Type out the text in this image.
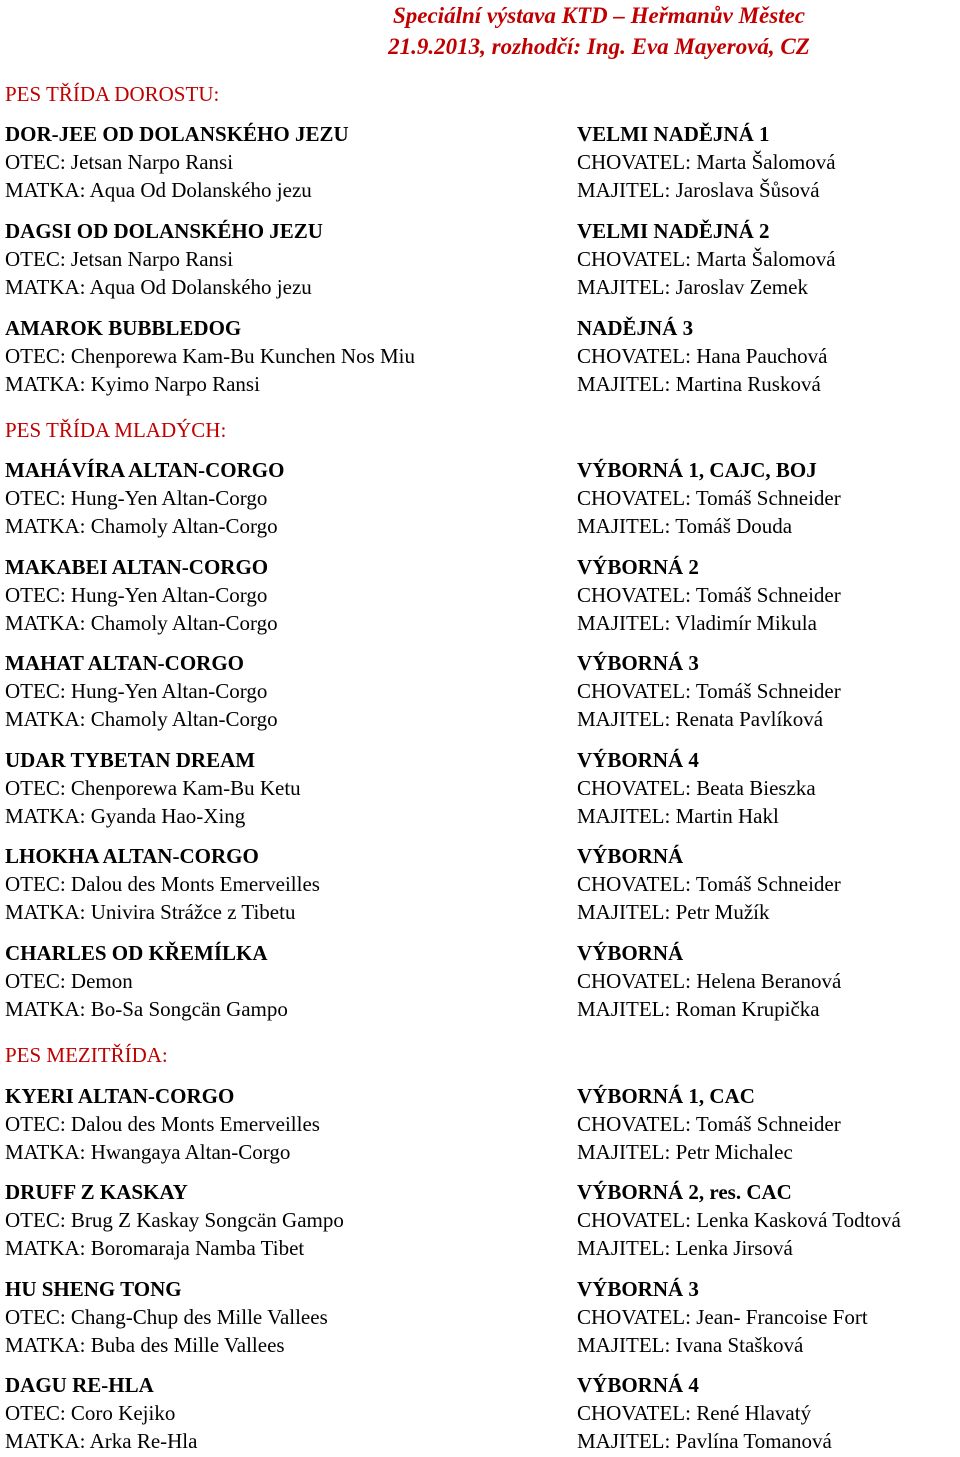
Speciální výstava KTD – Heřmanův Městec
21.9.2013, rozhodčí: Ing. Eva Mayerová, CZ
PES TŘÍDA DOROSTU:
DOR-JEE OD DOLANSKÉHO JEZU	VELMI NADĚJNÁ 1
OTEC: Jetsan Narpo Ransi	CHOVATEL: Marta Šalomová
MATKA: Aqua Od Dolanského jezu	MAJITEL: Jaroslava Šůsová
DAGSI OD DOLANSKÉHO JEZU	VELMI NADĚJNÁ 2
OTEC: Jetsan Narpo Ransi	CHOVATEL: Marta Šalomová
MATKA: Aqua Od Dolanského jezu	MAJITEL: Jaroslav Zemek
AMAROK BUBBLEDOG	NADĚJNÁ 3
OTEC: Chenporewa Kam-Bu Kunchen Nos Miu	CHOVATEL: Hana Pauchová
MATKA: Kyimo Narpo Ransi	MAJITEL: Martina Rusková
PES TŘÍDA MLADÝCH:
MAHÁVÍRA ALTAN-CORGO	VÝBORNÁ 1, CAJC, BOJ
OTEC: Hung-Yen Altan-Corgo	CHOVATEL: Tomáš Schneider
MATKA: Chamoly Altan-Corgo	MAJITEL: Tomáš Douda
MAKABEI ALTAN-CORGO	VÝBORNÁ 2
OTEC: Hung-Yen Altan-Corgo	CHOVATEL: Tomáš Schneider
MATKA: Chamoly Altan-Corgo	MAJITEL: Vladimír Mikula
MAHAT ALTAN-CORGO	VÝBORNÁ 3
OTEC: Hung-Yen Altan-Corgo	CHOVATEL: Tomáš Schneider
MATKA: Chamoly Altan-Corgo	MAJITEL: Renata Pavlíková
UDAR TYBETAN DREAM	VÝBORNÁ 4
OTEC: Chenporewa Kam-Bu Ketu	CHOVATEL: Beata Bieszka
MATKA: Gyanda Hao-Xing	MAJITEL: Martin Hakl
LHOKHA ALTAN-CORGO	VÝBORNÁ
OTEC: Dalou des Monts Emerveilles	CHOVATEL: Tomáš Schneider
MATKA: Univira Strážce z Tibetu	MAJITEL: Petr Mužík
CHARLES OD KŘEMÍLKA	VÝBORNÁ
OTEC: Demon	CHOVATEL: Helena Beranová
MATKA: Bo-Sa Songcän Gampo	MAJITEL: Roman Krupička
PES MEZITŘÍDA:
KYERI ALTAN-CORGO	VÝBORNÁ 1, CAC
OTEC: Dalou des Monts Emerveilles	CHOVATEL: Tomáš Schneider
MATKA: Hwangaya Altan-Corgo	MAJITEL: Petr Michalec
DRUFF Z KASKAY	VÝBORNÁ 2, res. CAC
OTEC: Brug Z Kaskay Songcän Gampo	CHOVATEL: Lenka Kasková Todtová
MATKA: Boromaraja Namba Tibet	MAJITEL: Lenka Jirsová
HU SHENG TONG	VÝBORNÁ 3
OTEC: Chang-Chup des Mille Vallees	CHOVATEL: Jean- Francoise Fort
MATKA: Buba des Mille Vallees	MAJITEL: Ivana Stašková
DAGU RE-HLA	VÝBORNÁ 4
OTEC: Coro Kejiko	CHOVATEL: René Hlavatý
MATKA: Arka Re-Hla	MAJITEL: Pavlína Tomanová
